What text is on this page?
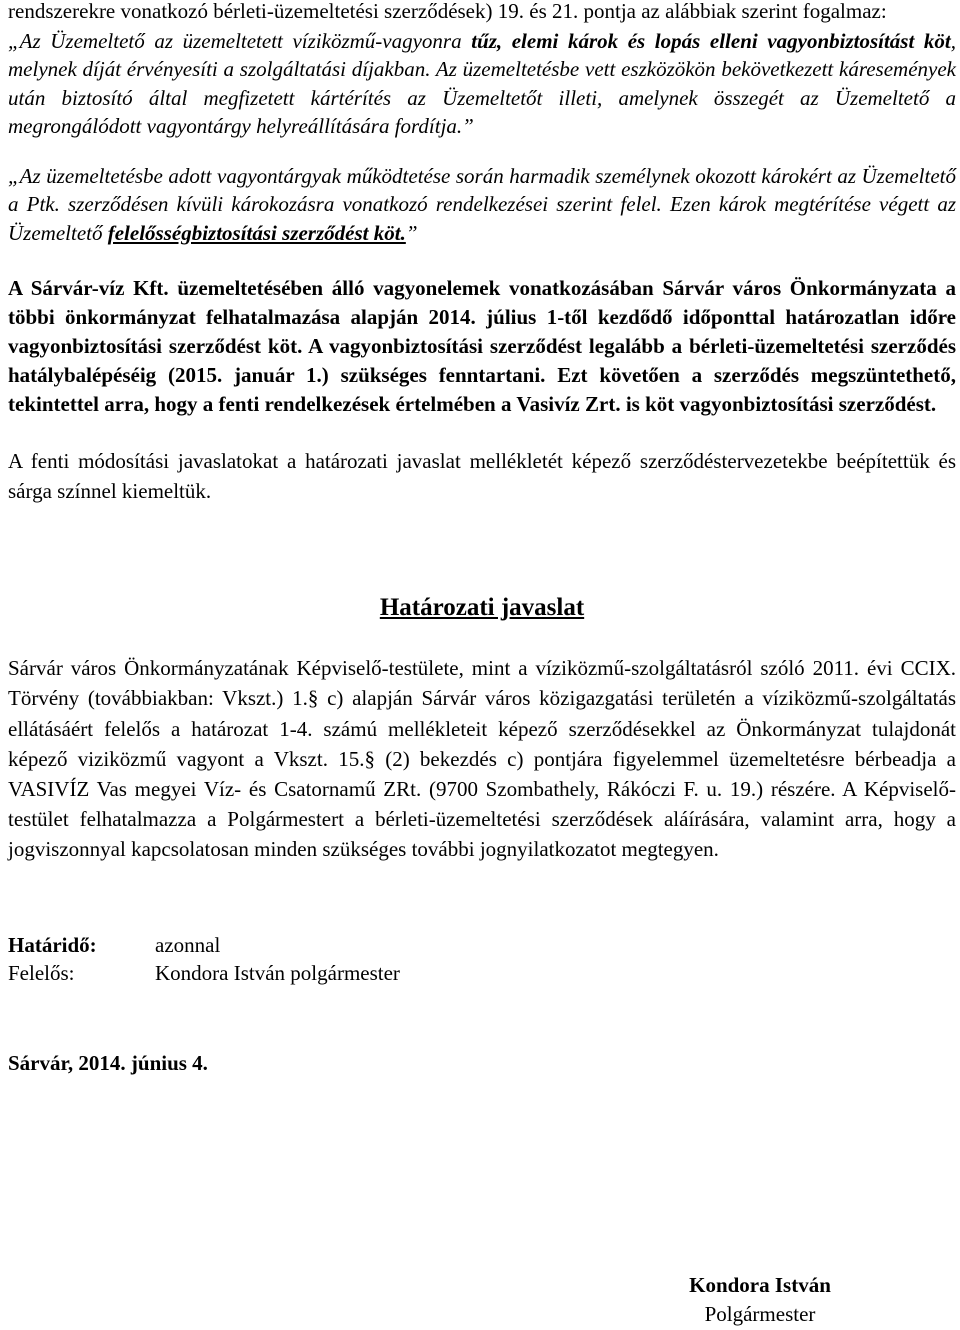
rendszerekre vonatkozó bérleti-üzemeltetési szerződések) 19. és 21. pontja az alábbiak szerint fogalmaz:

„Az Üzemeltető az üzemeltetett víziközmű-vagyonra tűz, elemi károk és lopás elleni vagyonbiztosítást köt, melynek díját érvényesíti a szolgáltatási díjakban. Az üzemeltetésbe vett eszközökön bekövetkezett káresemények után biztosító által megfizetett kártérítés az Üzemeltetőt illeti, amelynek összegét az Üzemeltető a megrongálódott vagyontárgy helyreállítására fordítja.”

„Az üzemeltetésbe adott vagyontárgyak működtetése során harmadik személynek okozott károkért az Üzemeltető a Ptk. szerződésen kívüli károkozásra vonatkozó rendelkezései szerint felel. Ezen károk megtérítése végett az Üzemeltető felelősségbiztosítási szerződést köt.”

A Sárvár-víz Kft. üzemeltetésében álló vagyonelemek vonatkozásában Sárvár város Önkormányzata a többi önkormányzat felhatalmazása alapján 2014. július 1-től kezdődő időponttal határozatlan időre vagyonbiztosítási szerződést köt. A vagyonbiztosítási szerződést legalább a bérleti-üzemeltetési szerződés hatálybalépéséig (2015. január 1.) szükséges fenntartani. Ezt követően a szerződés megszüntethető, tekintettel arra, hogy a fenti rendelkezések értelmében a Vasivíz Zrt. is köt vagyonbiztosítási szerződést.

A fenti módosítási javaslatokat a határozati javaslat mellékletét képező szerződéstervezetekbe beépítettük és sárga színnel kiemeltük.

Határozati javaslat

Sárvár város Önkormányzatának Képviselő-testülete, mint a víziközmű-szolgáltatásról szóló 2011. évi CCIX. Törvény (továbbiakban: Vkszt.) 1.§ c) alapján Sárvár város közigazgatási területén a víziközmű-szolgáltatás ellátásáért felelős a határozat 1-4. számú mellékleteit képező szerződésekkel az Önkormányzat tulajdonát képező viziközmű vagyont a Vkszt. 15.§ (2) bekezdés c) pontjára figyelemmel üzemeltetésre bérbeadja a VASIVÍZ Vas megyei Víz- és Csatornamű ZRt. (9700 Szombathely, Rákóczi F. u. 19.) részére. A Képviselő-testület felhatalmazza a Polgármestert a bérleti-üzemeltetési szerződések aláírására, valamint arra, hogy a jogviszonnyal kapcsolatosan minden szükséges további jognyilatkozatot megtegyen.

Határidő:	azonnal
Felelős:	Kondora István polgármester

Sárvár, 2014. június 4.

Kondora István
Polgármester
